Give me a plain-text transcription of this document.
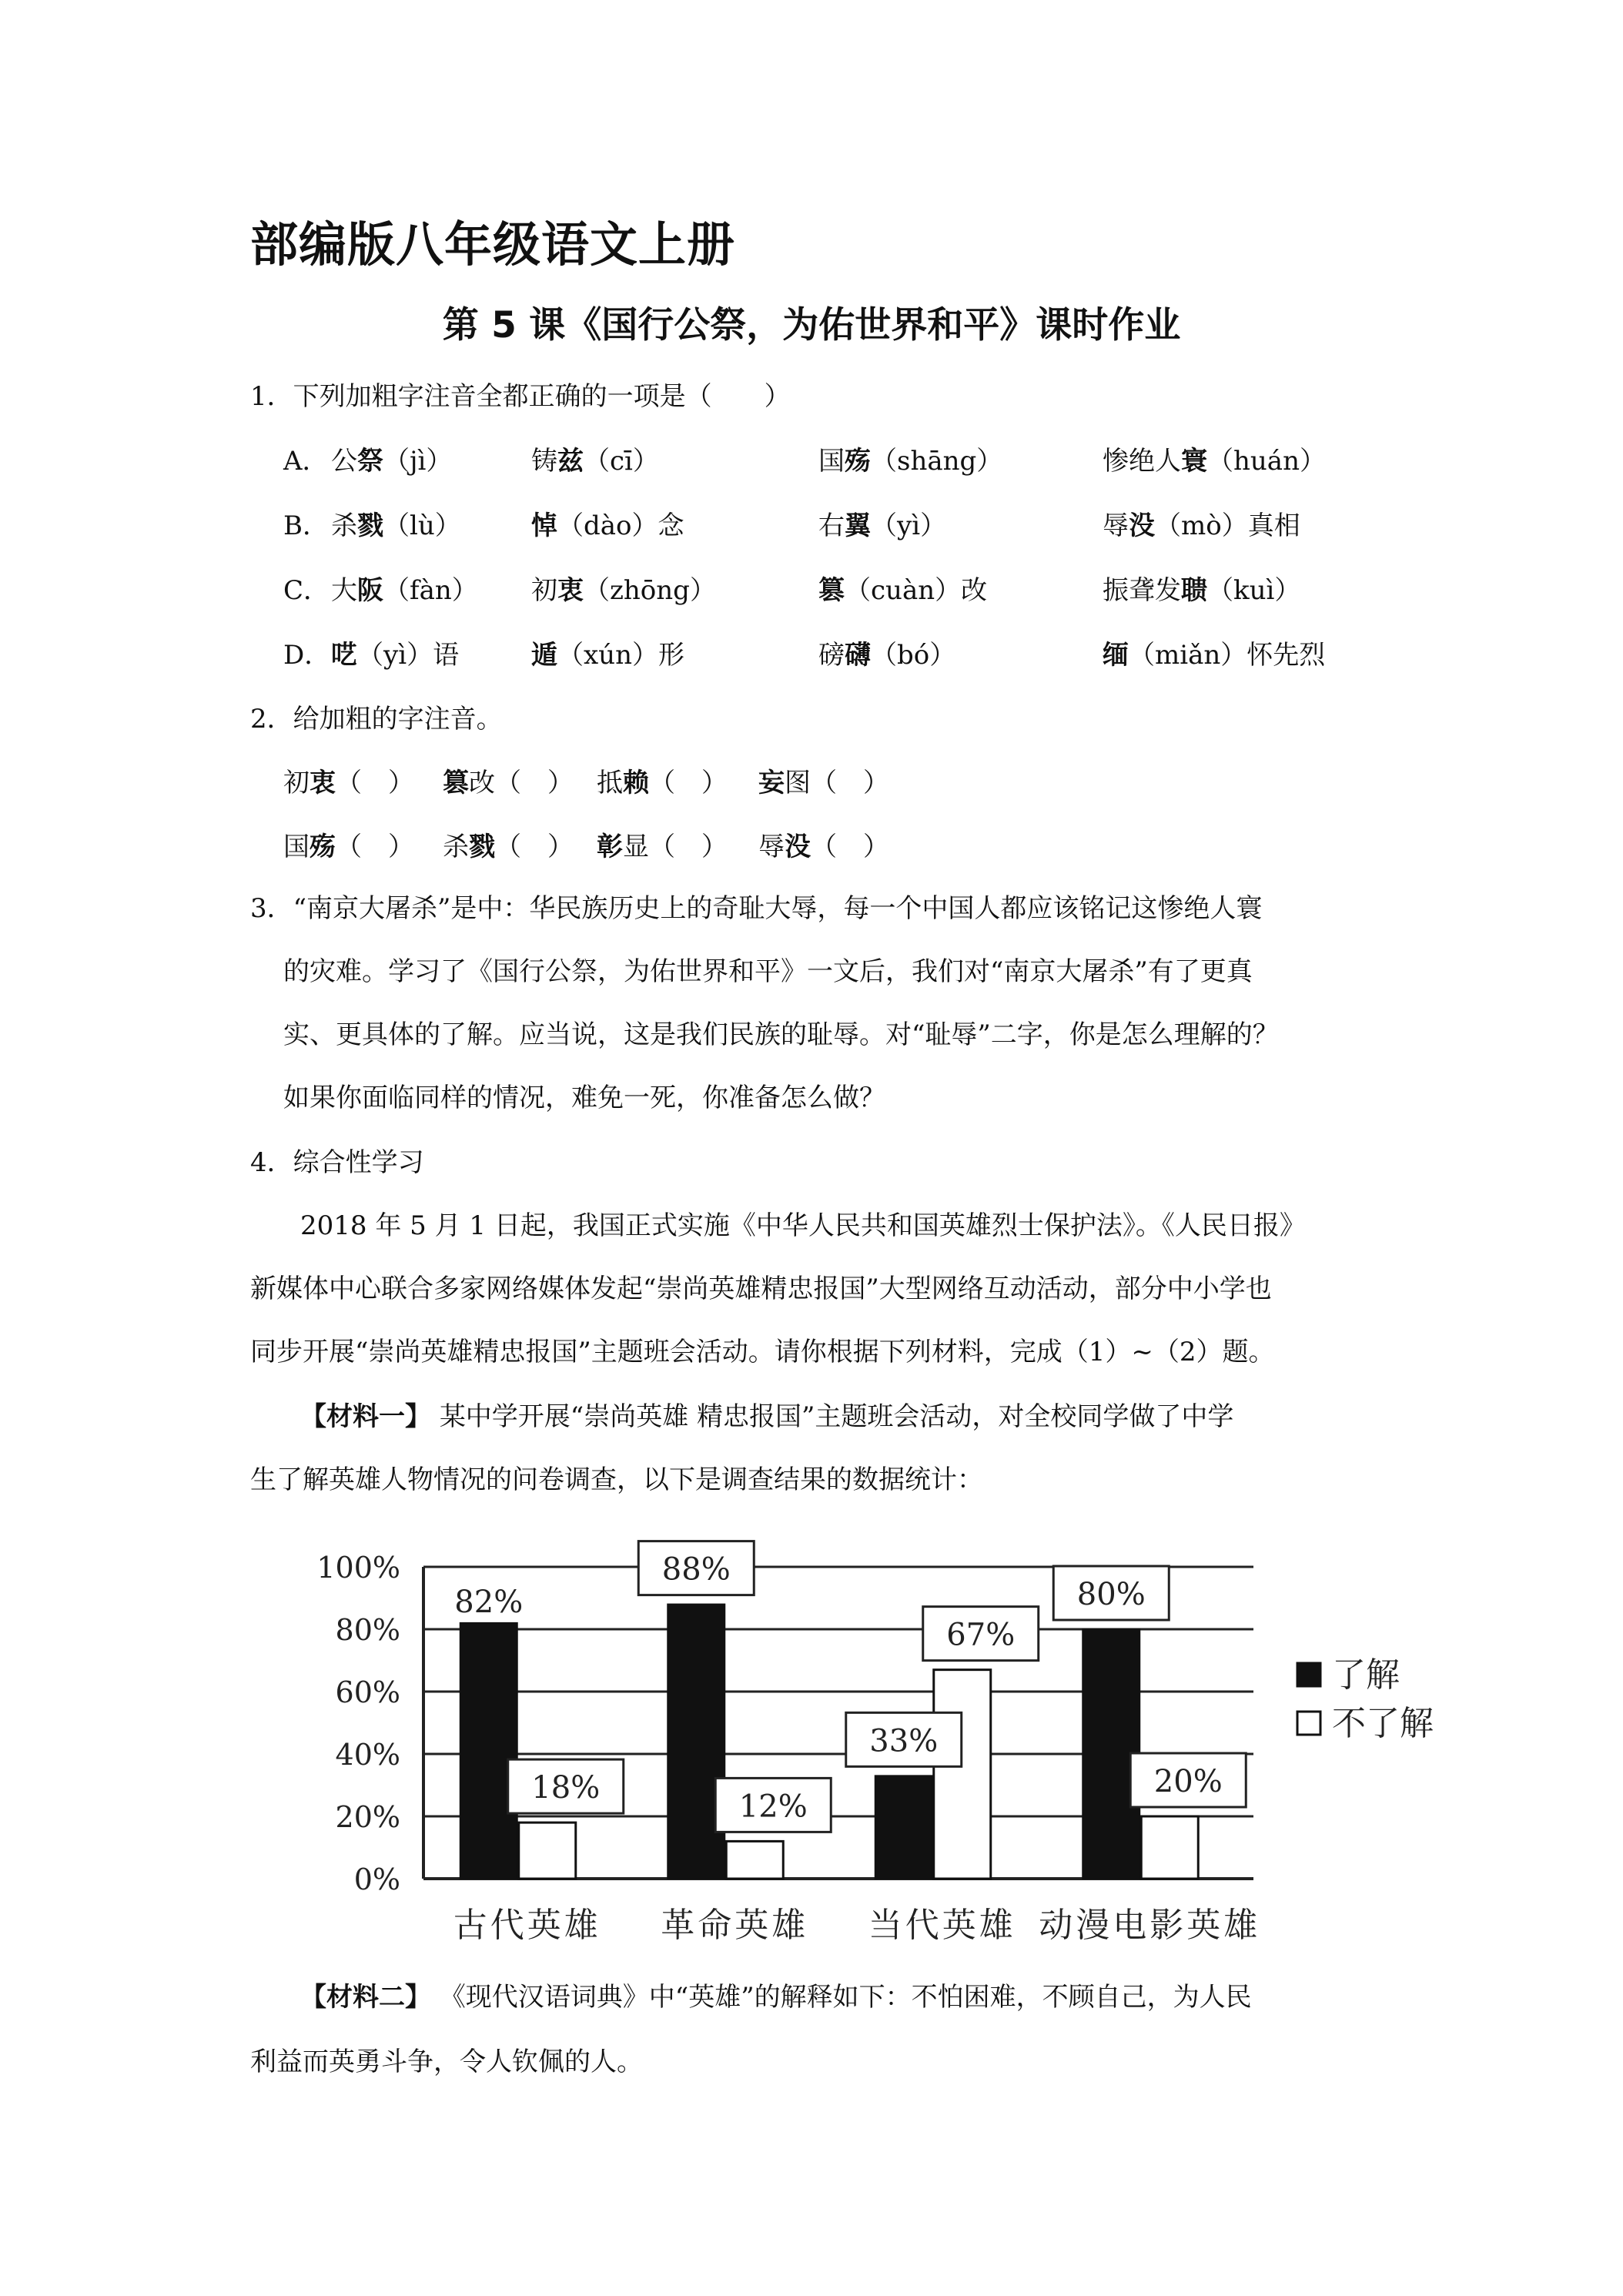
部编版八年级语文上册
第 5 课《国行公祭，为佑世界和平》课时作业
1．下列加粗字注音全都正确的一项是（　　）
A． 公祭（jì）	铸兹（cī）	国殇（shāng）	惨绝人寰（huán）
B． 杀戮（lù）	悼（dào）念	右翼（yì）	辱没（mò）真相
C． 大阪（fàn） 初衷（zhōng）	篡（cuàn）改	振聋发聩（kuì）
D． 呓（yì）语	遁（xún）形	磅礴（bó）	缅（miǎn）怀先烈
2．给加粗的字注音。
初衷（　） 篡改（　） 抵赖（　） 妄图（　）
国殇（　） 杀戮（　） 彰显（　） 辱没（　）
3．“南京大屠杀”是中：华民族历史上的奇耻大辱，每一个中国人都应该铭记这惨绝人寰
的灾难。学习了《国行公祭，为佑世界和平》一文后，我们对“南京大屠杀”有了更真
实、更具体的了解。应当说，这是我们民族的耻辱。对“耻辱”二字，你是怎么理解的？
如果你面临同样的情况，难免一死，你准备怎么做？
4．综合性学习
2018 年 5 月 1 日起，我国正式实施《中华人民共和国英雄烈士保护法》。《人民日报》
新媒体中心联合多家网络媒体发起“崇尚英雄精忠报国”大型网络互动活动，部分中小学也
同步开展“崇尚英雄精忠报国”主题班会活动。请你根据下列材料，完成（1）~（2）题。
【材料一】 某中学开展“崇尚英雄 精忠报国”主题班会活动，对全校同学做了中学
生了解英雄人物情况的问卷调查，以下是调查结果的数据统计：
0%
20%
40%
60%
80%
100%
82%
18%
古代英雄
88%
12%
革命英雄
33%
67%
当代英雄
80%
20%
动漫电影英雄
了解
不了解
【材料二】 《现代汉语词典》中“英雄”的解释如下：不怕困难，不顾自己，为人民
利益而英勇斗争，令人钦佩的人。
